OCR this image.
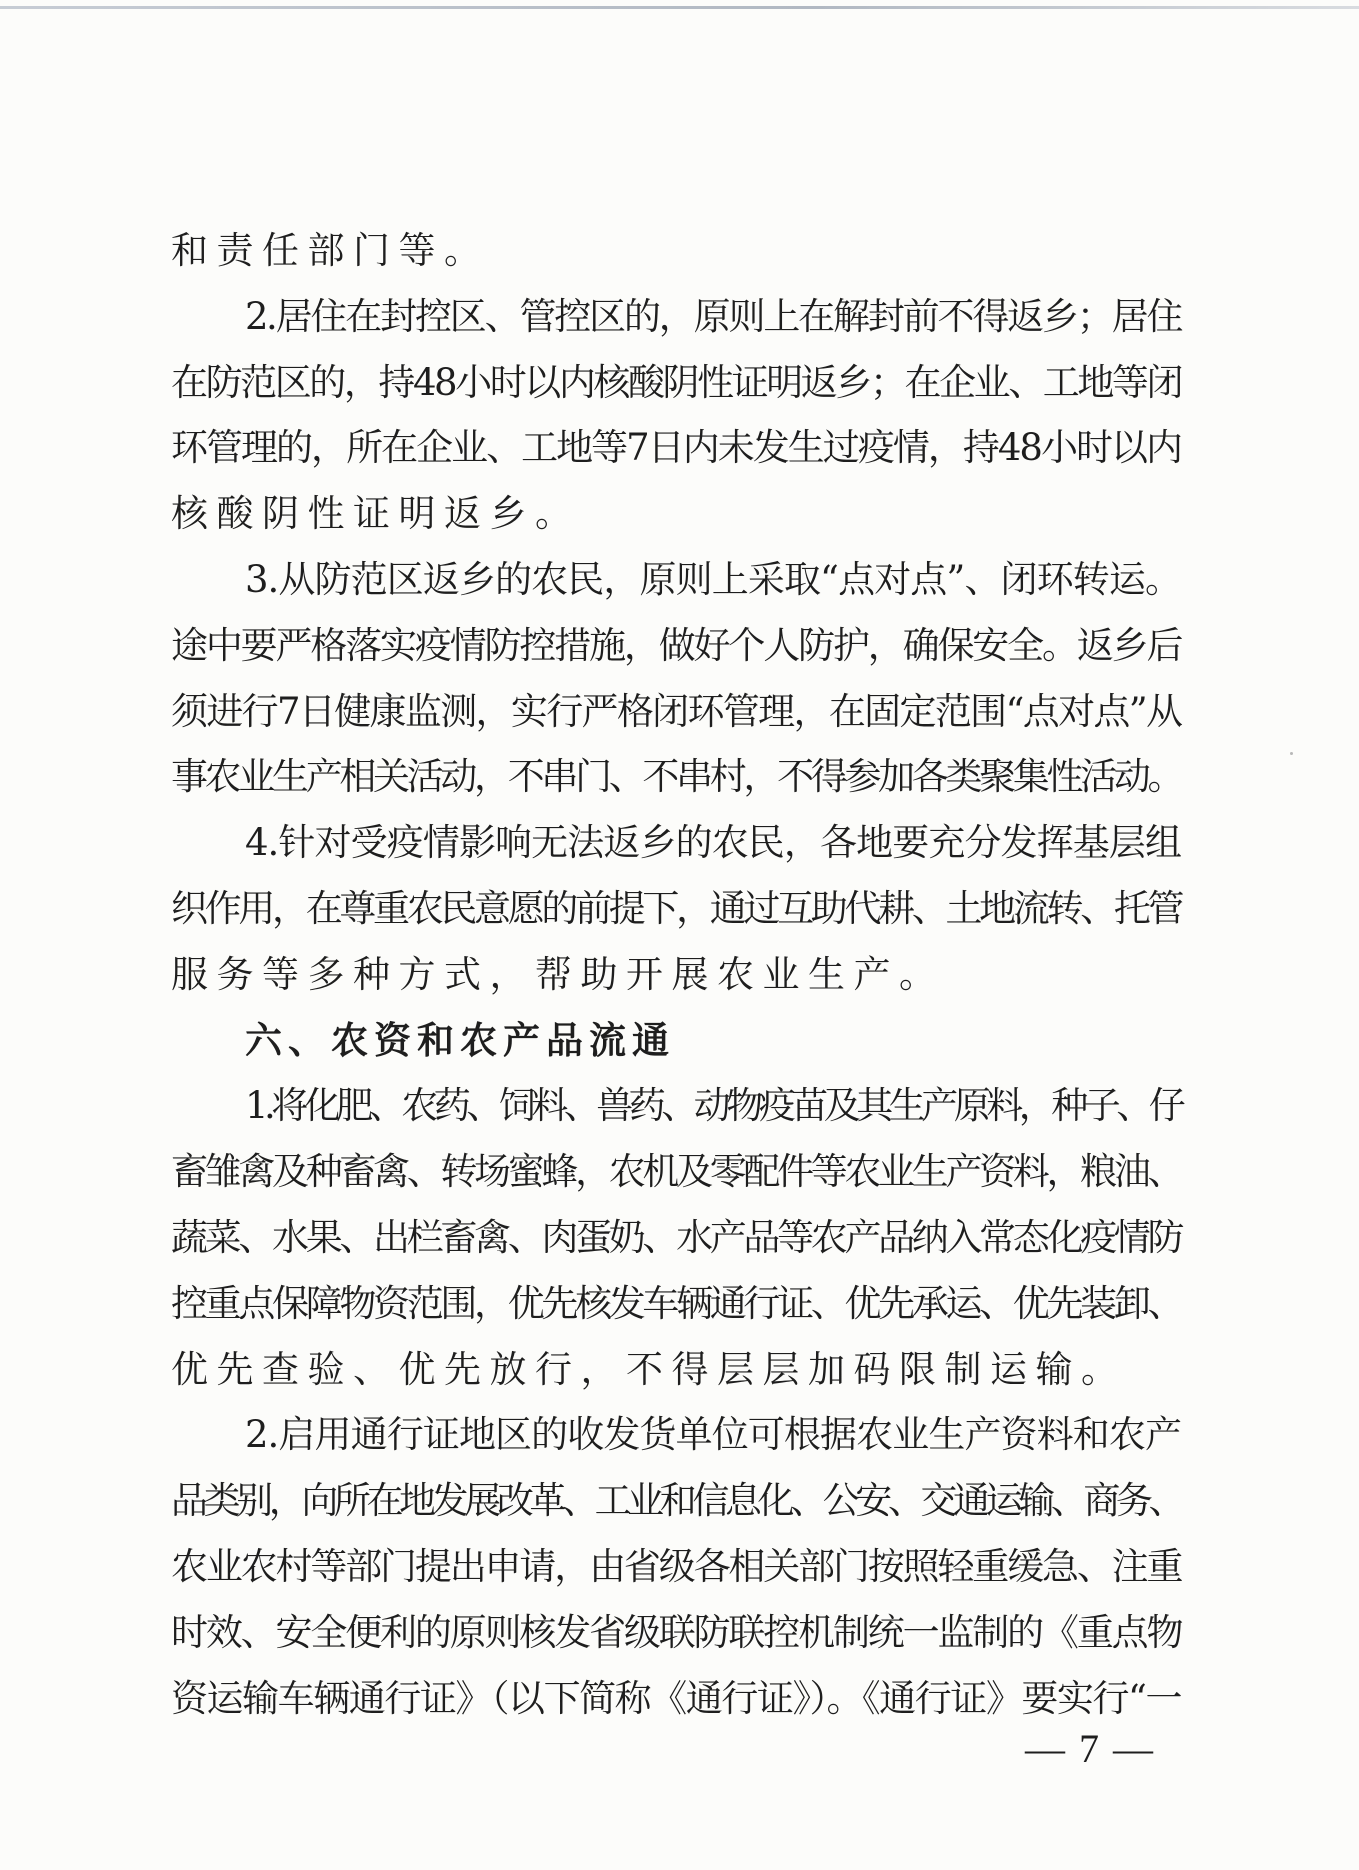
和责任部门等。
2.居住在封控区、管控区的，原则上在解封前不得返乡；居住
在防范区的，持48小时以内核酸阴性证明返乡；在企业、工地等闭
环管理的，所在企业、工地等7日内未发生过疫情，持48小时以内
核酸阴性证明返乡。
3.从防范区返乡的农民，原则上采取“点对点”、闭环转运。
途中要严格落实疫情防控措施，做好个人防护，确保安全。返乡后
须进行7日健康监测，实行严格闭环管理，在固定范围“点对点”从
事农业生产相关活动，不串门、不串村，不得参加各类聚集性活动。
4.针对受疫情影响无法返乡的农民，各地要充分发挥基层组
织作用，在尊重农民意愿的前提下，通过互助代耕、土地流转、托管
服务等多种方式，帮助开展农业生产。
六、农资和农产品流通
1.将化肥、农药、饲料、兽药、动物疫苗及其生产原料，种子、仔
畜雏禽及种畜禽、转场蜜蜂，农机及零配件等农业生产资料，粮油、
蔬菜、水果、出栏畜禽、肉蛋奶、水产品等农产品纳入常态化疫情防
控重点保障物资范围，优先核发车辆通行证、优先承运、优先装卸、
优先查验、优先放行，不得层层加码限制运输。
2.启用通行证地区的收发货单位可根据农业生产资料和农产
品类别，向所在地发展改革、工业和信息化、公安、交通运输、商务、
农业农村等部门提出申请，由省级各相关部门按照轻重缓急、注重
时效、安全便利的原则核发省级联防联控机制统一监制的《重点物
资运输车辆通行证》（以下简称《通行证》）。《通行证》要实行“一
— 7 —
